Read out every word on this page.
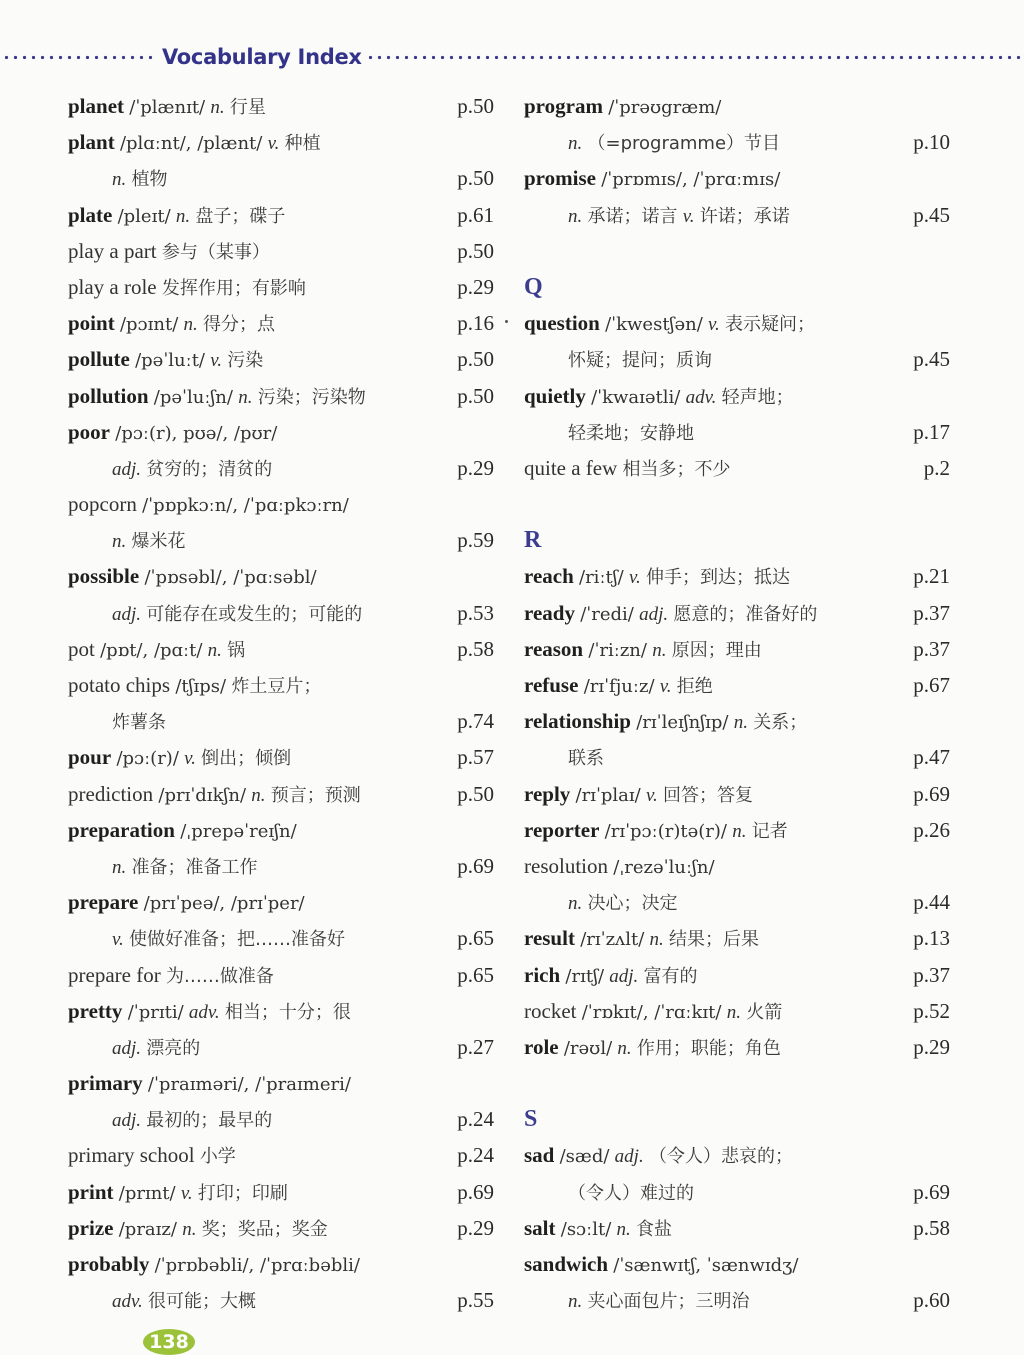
Vocabulary Index
planet /ˈplænɪt/ n. 行星	p.50
plant /plɑːnt/, /plænt/ v. 种植
n. 植物	p.50
plate /pleɪt/ n. 盘子；碟子	p.61
play a part 参与（某事）	p.50
play a role 发挥作用；有影响	p.29
point /pɔɪnt/ n. 得分；点	p.16
pollute /pəˈluːt/ v. 污染	p.50
pollution /pəˈluːʃn/ n. 污染；污染物	p.50
poor /pɔː(r), pʊə/, /pʊr/
adj. 贫穷的；清贫的	p.29
popcorn /ˈpɒpkɔːn/, /ˈpɑːpkɔːrn/
n. 爆米花	p.59
possible /ˈpɒsəbl/, /ˈpɑːsəbl/
adj. 可能存在或发生的；可能的	p.53
pot /pɒt/, /pɑːt/ n. 锅	p.58
potato chips /tʃɪps/ 炸土豆片；
炸薯条	p.74
pour /pɔː(r)/ v. 倒出；倾倒	p.57
prediction /prɪˈdɪkʃn/ n. 预言；预测	p.50
preparation /ˌprepəˈreɪʃn/
n. 准备；准备工作	p.69
prepare /prɪˈpeə/, /prɪˈper/
v. 使做好准备；把……准备好	p.65
prepare for 为……做准备	p.65
pretty /ˈprɪti/ adv. 相当；十分；很
adj. 漂亮的	p.27
primary /ˈpraɪməri/, /ˈpraɪmeri/
adj. 最初的；最早的	p.24
primary school 小学	p.24
print /prɪnt/ v. 打印；印刷	p.69
prize /praɪz/ n. 奖；奖品；奖金	p.29
probably /ˈprɒbəbli/, /ˈprɑːbəbli/
adv. 很可能；大概	p.55
program /ˈprəʊgræm/
n. （=programme）节目	p.10
promise /ˈprɒmɪs/, /ˈprɑːmɪs/
n. 承诺；诺言 v. 许诺；承诺	p.45
Q
question /ˈkwestʃən/ v. 表示疑问；
怀疑；提问；质询	p.45
quietly /ˈkwaɪətli/ adv. 轻声地；
轻柔地；安静地	p.17
quite a few 相当多；不少	p.2
R
reach /riːtʃ/ v. 伸手；到达；抵达	p.21
ready /ˈredi/ adj. 愿意的；准备好的	p.37
reason /ˈriːzn/ n. 原因；理由	p.37
refuse /rɪˈfjuːz/ v. 拒绝	p.67
relationship /rɪˈleɪʃnʃɪp/ n. 关系；
联系	p.47
reply /rɪˈplaɪ/ v. 回答；答复	p.69
reporter /rɪˈpɔː(r)tə(r)/ n. 记者	p.26
resolution /ˌrezəˈluːʃn/
n. 决心；决定	p.44
result /rɪˈzʌlt/ n. 结果；后果	p.13
rich /rɪtʃ/ adj. 富有的	p.37
rocket /ˈrɒkɪt/, /ˈrɑːkɪt/ n. 火箭	p.52
role /rəʊl/ n. 作用；职能；角色	p.29
S
sad /sæd/ adj. （令人）悲哀的；
（令人）难过的	p.69
salt /sɔːlt/ n. 食盐	p.58
sandwich /ˈsænwɪtʃ, ˈsænwɪdʒ/
n. 夹心面包片；三明治	p.60
138
